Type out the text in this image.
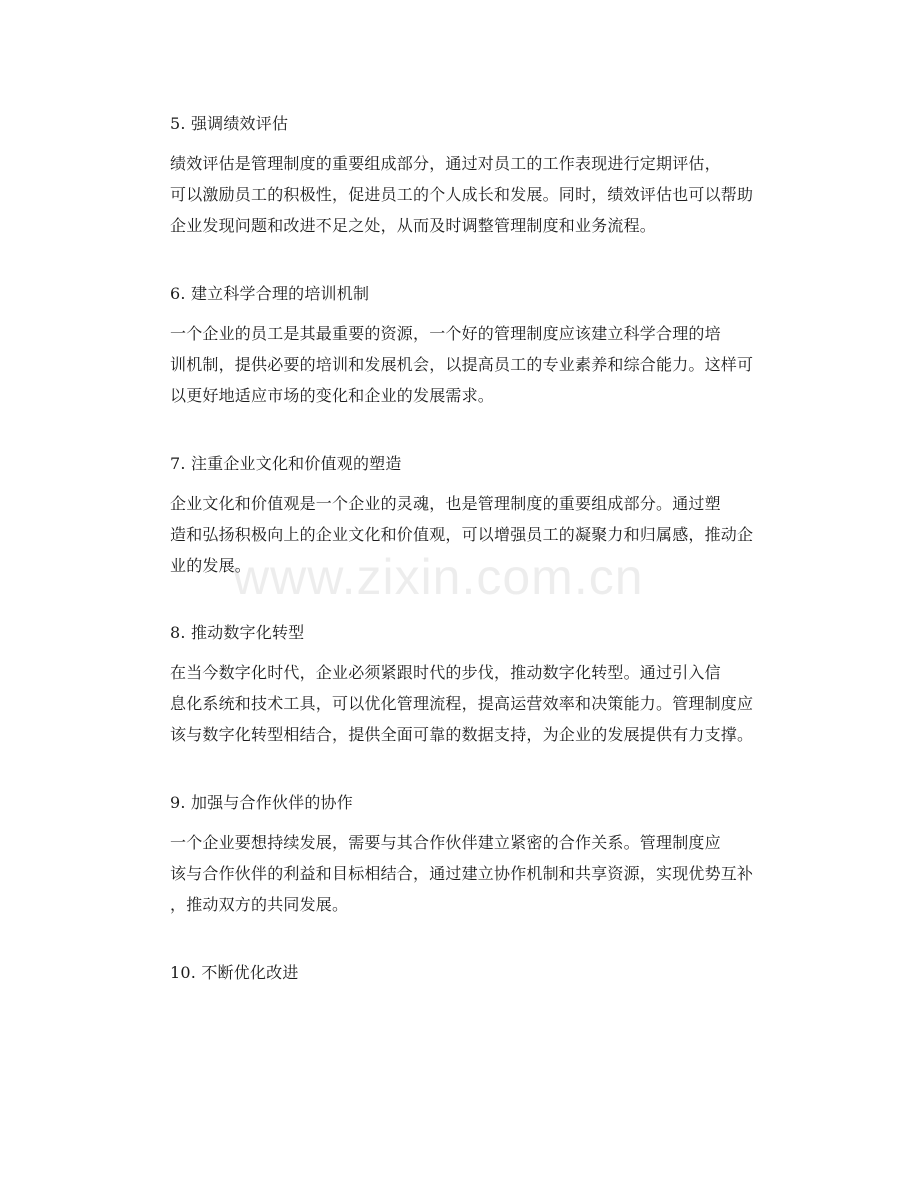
5. 强调绩效评估

绩效评估是管理制度的重要组成部分，通过对员工的工作表现进行定期评估，
可以激励员工的积极性，促进员工的个人成长和发展。同时，绩效评估也可以帮助
企业发现问题和改进不足之处，从而及时调整管理制度和业务流程。

6. 建立科学合理的培训机制

一个企业的员工是其最重要的资源，一个好的管理制度应该建立科学合理的培
训机制，提供必要的培训和发展机会，以提高员工的专业素养和综合能力。这样可
以更好地适应市场的变化和企业的发展需求。

7. 注重企业文化和价值观的塑造

企业文化和价值观是一个企业的灵魂，也是管理制度的重要组成部分。通过塑
造和弘扬积极向上的企业文化和价值观，可以增强员工的凝聚力和归属感，推动企
业的发展。

8. 推动数字化转型

在当今数字化时代，企业必须紧跟时代的步伐，推动数字化转型。通过引入信
息化系统和技术工具，可以优化管理流程，提高运营效率和决策能力。管理制度应
该与数字化转型相结合，提供全面可靠的数据支持，为企业的发展提供有力支撑。

9. 加强与合作伙伴的协作

一个企业要想持续发展，需要与其合作伙伴建立紧密的合作关系。管理制度应
该与合作伙伴的利益和目标相结合，通过建立协作机制和共享资源，实现优势互补
，推动双方的共同发展。

10. 不断优化改进

www.zixin.com.cn
